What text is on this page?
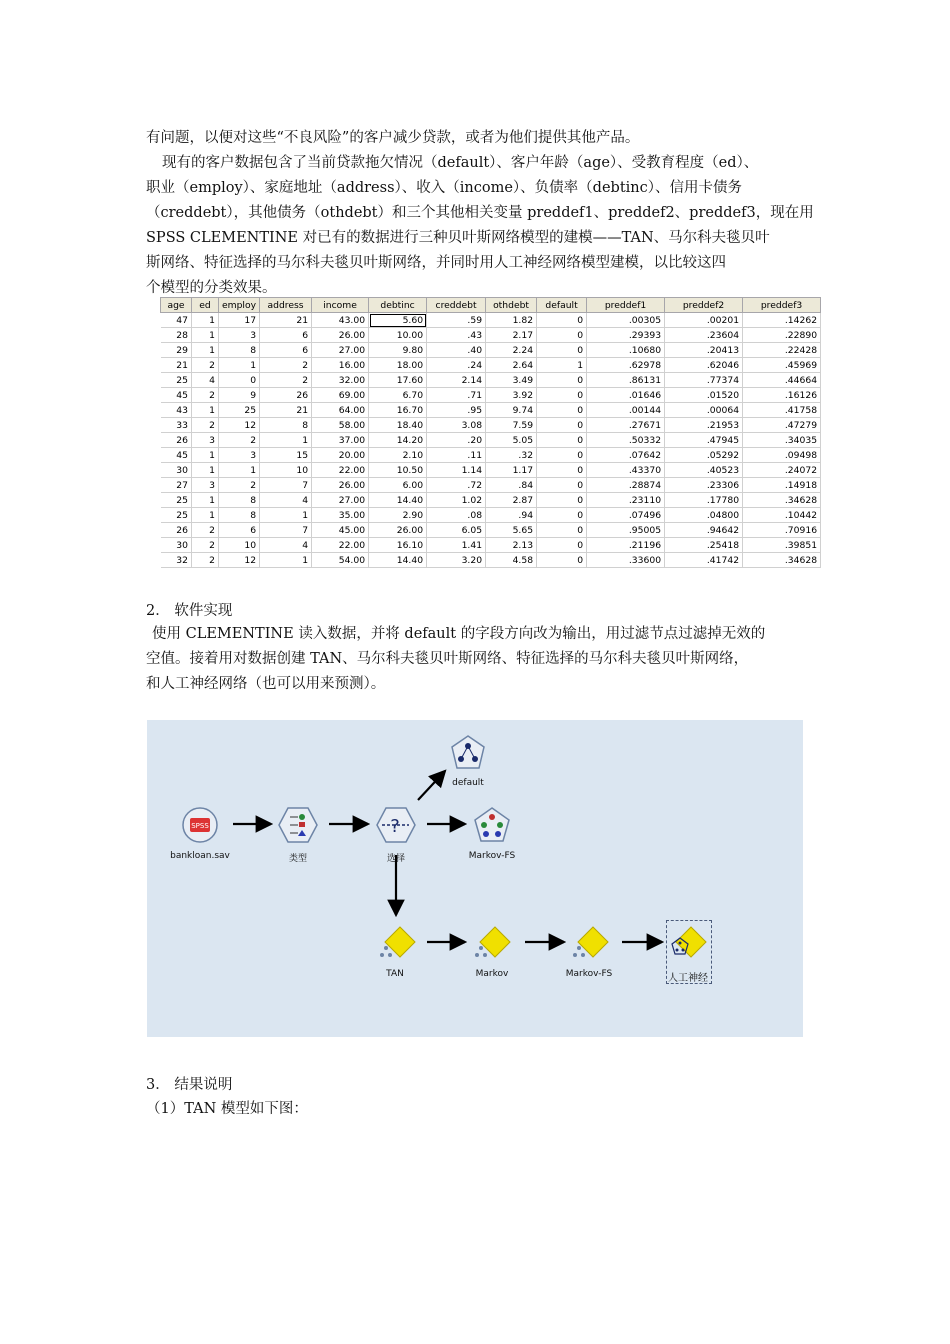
有问题，以便对这些“不良风险”的客户减少贷款，或者为他们提供其他产品。
现有的客户数据包含了当前贷款拖欠情况（default）、客户年龄（age）、受教育程度（ed）、
职业（employ）、家庭地址（address）、收入（income）、负债率（debtinc）、信用卡债务
（creddebt），其他债务（othdebt）和三个其他相关变量 preddef1、preddef2、preddef3，现在用
SPSS CLEMENTINE 对已有的数据进行三种贝叶斯网络模型的建模——TAN、马尔科夫毯贝叶
斯网络、特征选择的马尔科夫毯贝叶斯网络，并同时用人工神经网络模型建模，以比较这四
个模型的分类效果。
age	ed	employ	address	income	debtinc	creddebt	othdebt	default	preddef1	preddef2	preddef3
47	1	17	21	43.00	5.60	.59	1.82	0	.00305	.00201	.14262
28	1	3	6	26.00	10.00	.43	2.17	0	.29393	.23604	.22890
29	1	8	6	27.00	9.80	.40	2.24	0	.10680	.20413	.22428
21	2	1	2	16.00	18.00	.24	2.64	1	.62978	.62046	.45969
25	4	0	2	32.00	17.60	2.14	3.49	0	.86131	.77374	.44664
45	2	9	26	69.00	6.70	.71	3.92	0	.01646	.01520	.16126
43	1	25	21	64.00	16.70	.95	9.74	0	.00144	.00064	.41758
33	2	12	8	58.00	18.40	3.08	7.59	0	.27671	.21953	.47279
26	3	2	1	37.00	14.20	.20	5.05	0	.50332	.47945	.34035
45	1	3	15	20.00	2.10	.11	.32	0	.07642	.05292	.09498
30	1	1	10	22.00	10.50	1.14	1.17	0	.43370	.40523	.24072
27	3	2	7	26.00	6.00	.72	.84	0	.28874	.23306	.14918
25	1	8	4	27.00	14.40	1.02	2.87	0	.23110	.17780	.34628
25	1	8	1	35.00	2.90	.08	.94	0	.07496	.04800	.10442
26	2	6	7	45.00	26.00	6.05	5.65	0	.95005	.94642	.70916
30	2	10	4	22.00	16.10	1.41	2.13	0	.21196	.25418	.39851
32	2	12	1	54.00	14.40	3.20	4.58	0	.33600	.41742	.34628
2． 软件实现
使用 CLEMENTINE 读入数据，并将 default 的字段方向改为输出，用过滤节点过滤掉无效的
空值。接着用对数据创建 TAN、马尔科夫毯贝叶斯网络、特征选择的马尔科夫毯贝叶斯网络，
和人工神经网络（也可以用来预测）。
SPSS
bankloan.sav	类型
?
选择
default
Markov-FS
TAN	Markov	Markov-FS	人工神经
3． 结果说明
（1）TAN 模型如下图：
